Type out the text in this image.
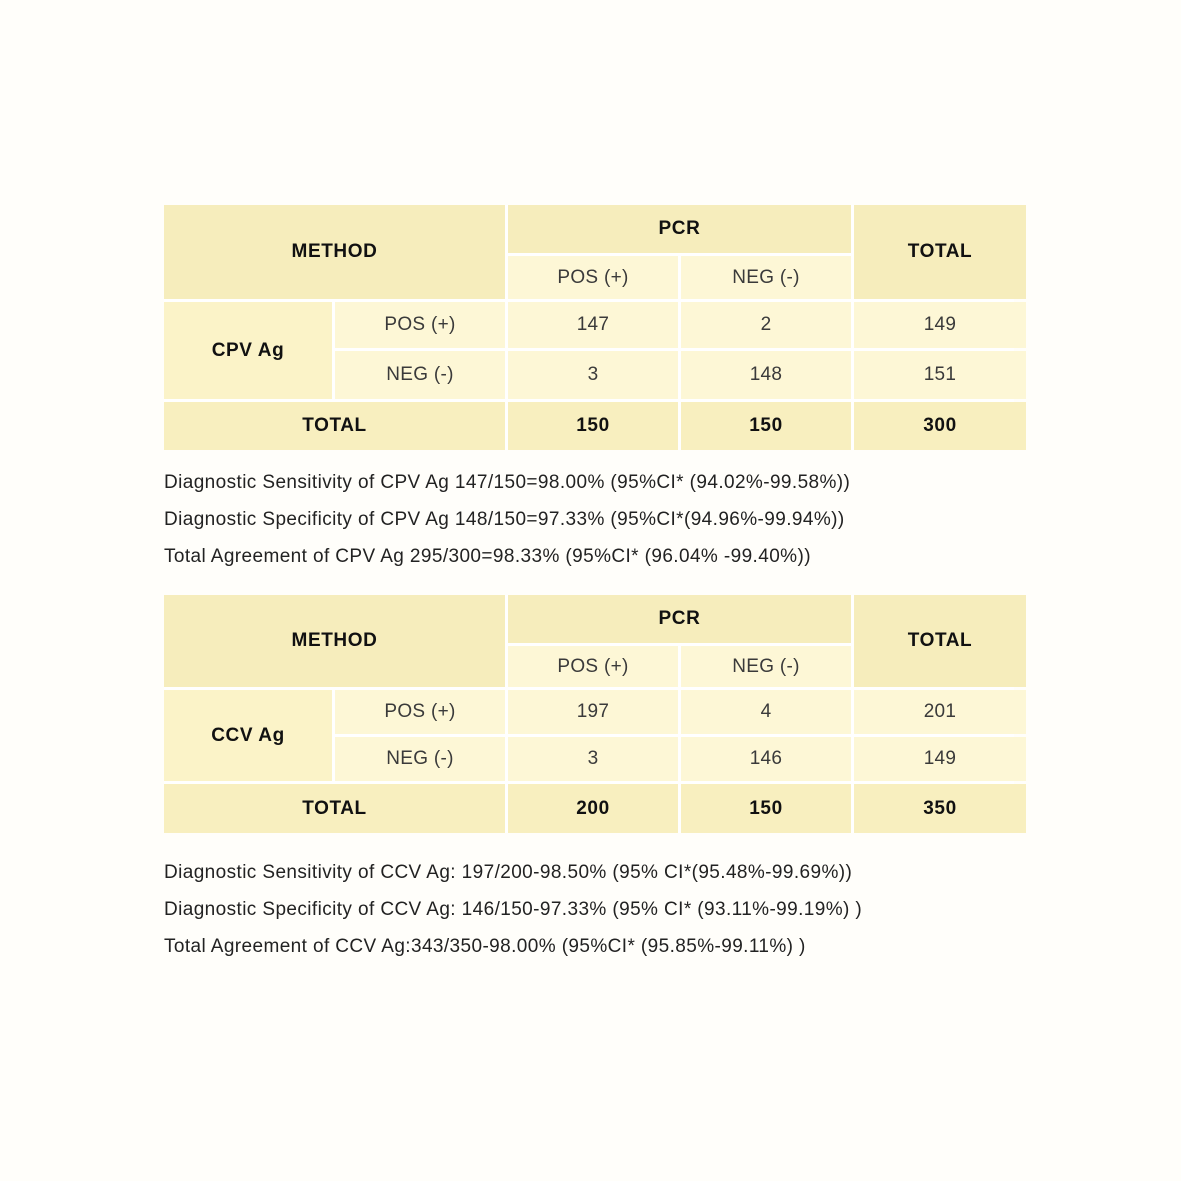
METHOD
PCR
TOTAL
POS (+)	NEG (-)
CPV Ag
POS (+)	147	2	149
NEG (-)	3	148	151
TOTAL	150	150	300
Diagnostic Sensitivity of CPV Ag 147/150=98.00% (95%CI* (94.02%-99.58%))
Diagnostic Specificity of CPV Ag 148/150=97.33% (95%CI*(94.96%-99.94%))
Total Agreement of CPV Ag 295/300=98.33% (95%CI* (96.04% -99.40%))
METHOD
PCR
TOTAL
POS (+)	NEG (-)
CCV Ag
POS (+)	197	4	201
NEG (-)	3	146	149
TOTAL	200	150	350
Diagnostic Sensitivity of CCV Ag: 197/200-98.50% (95% CI*(95.48%-99.69%))
Diagnostic Specificity of CCV Ag: 146/150-97.33% (95% CI* (93.11%-99.19%) )
Total Agreement of CCV Ag:343/350-98.00% (95%CI* (95.85%-99.11%) )
